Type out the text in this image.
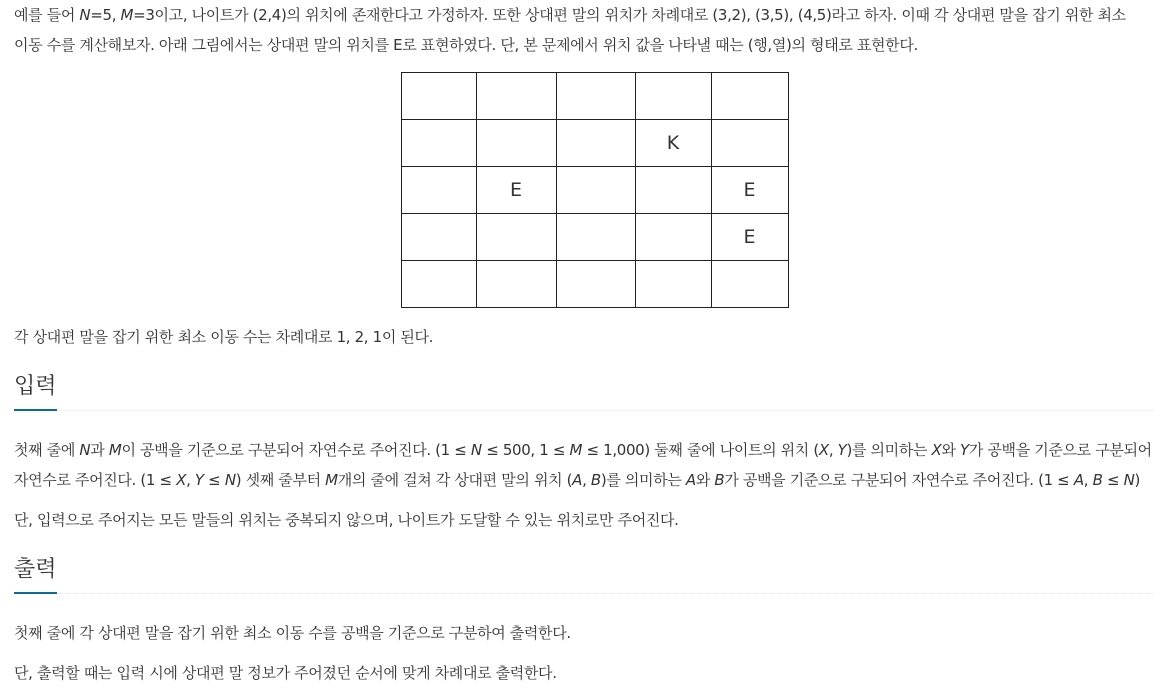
예를 들어 N=5, M=3이고, 나이트가 (2,4)의 위치에 존재한다고 가정하자. 또한 상대편 말의 위치가 차례대로 (3,2), (3,5), (4,5)라고 하자. 이때 각 상대편 말을 잡기 위한 최소 이동 수를 계산해보자. 아래 그림에서는 상대편 말의 위치를 E로 표현하였다. 단, 본 문제에서 위치 값을 나타낼 때는 (행,열)의 형태로 표현한다.

			K	
	E			E
				E

각 상대편 말을 잡기 위한 최소 이동 수는 차례대로 1, 2, 1이 된다.

입력

첫째 줄에 N과 M이 공백을 기준으로 구분되어 자연수로 주어진다. (1 ≤ N ≤ 500, 1 ≤ M ≤ 1,000) 둘째 줄에 나이트의 위치 (X, Y)를 의미하는 X와 Y가 공백을 기준으로 구분되어 자연수로 주어진다. (1 ≤ X, Y ≤ N) 셋째 줄부터 M개의 줄에 걸쳐 각 상대편 말의 위치 (A, B)를 의미하는 A와 B가 공백을 기준으로 구분되어 자연수로 주어진다. (1 ≤ A, B ≤ N)

단, 입력으로 주어지는 모든 말들의 위치는 중복되지 않으며, 나이트가 도달할 수 있는 위치로만 주어진다.

출력

첫째 줄에 각 상대편 말을 잡기 위한 최소 이동 수를 공백을 기준으로 구분하여 출력한다.

단, 출력할 때는 입력 시에 상대편 말 정보가 주어졌던 순서에 맞게 차례대로 출력한다.
